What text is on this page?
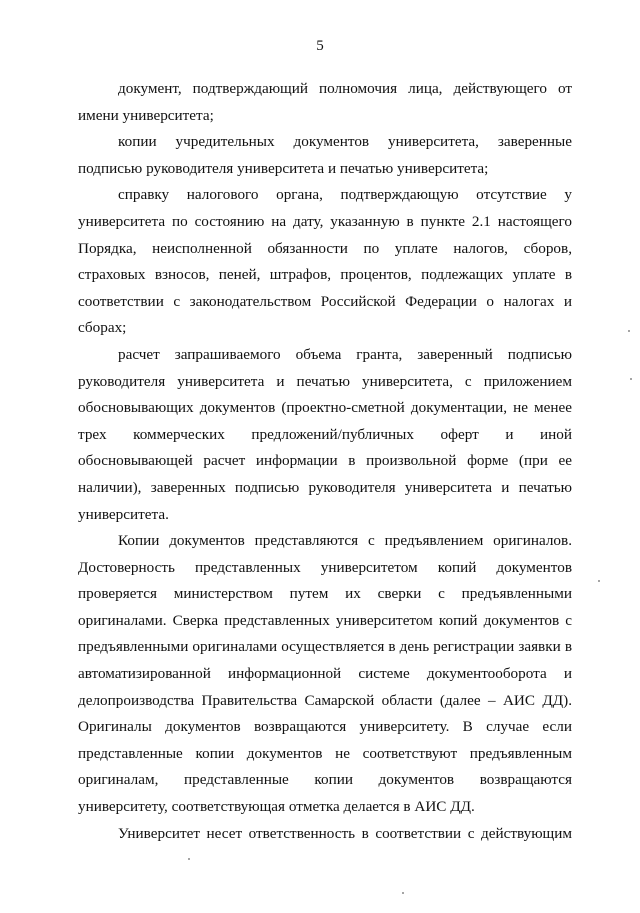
5

документ, подтверждающий полномочия лица, действующего от
имени университета;

копии учредительных документов университета, заверенные
подписью руководителя университета и печатью университета;

справку налогового органа, подтверждающую отсутствие у
университета по состоянию на дату, указанную в пункте 2.1 настоящего
Порядка, неисполненной обязанности по уплате налогов, сборов,
страховых взносов, пеней, штрафов, процентов, подлежащих уплате в
соответствии с законодательством Российской Федерации о налогах и
сборах;

расчет запрашиваемого объема гранта, заверенный подписью
руководителя университета и печатью университета, с приложением
обосновывающих документов (проектно-сметной документации, не менее
трех коммерческих предложений/публичных оферт и иной
обосновывающей расчет информации в произвольной форме (при ее
наличии), заверенных подписью руководителя университета и печатью
университета.

Копии документов представляются с предъявлением оригиналов.
Достоверность представленных университетом копий документов
проверяется министерством путем их сверки с предъявленными
оригиналами. Сверка представленных университетом копий документов с
предъявленными оригиналами осуществляется в день регистрации заявки в
автоматизированной информационной системе документооборота и
делопроизводства Правительства Самарской области (далее – АИС ДД).
Оригиналы документов возвращаются университету. В случае если
представленные копии документов не соответствуют предъявленным
оригиналам, представленные копии документов возвращаются
университету, соответствующая отметка делается в АИС ДД.

Университет несет ответственность в соответствии с действующим
